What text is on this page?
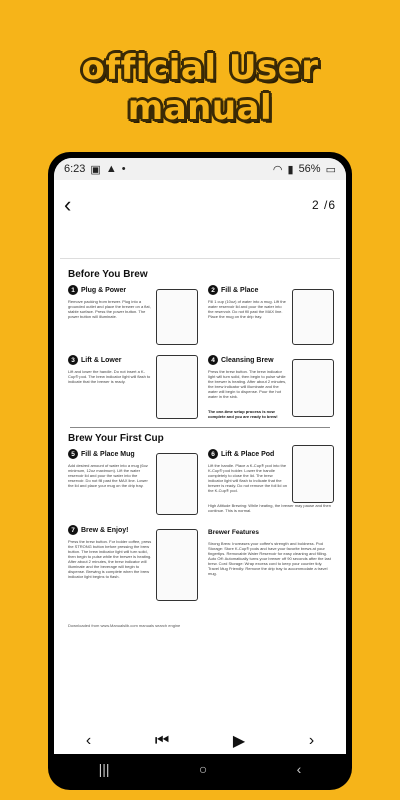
official User
manual
6:23 ▣ ▲ •	◠ ▮ 56% ▭
‹	2 /6
Before You Brew
1 Plug & Power
Remove packing from brewer. Plug into a grounded outlet and place the brewer on a flat, stable surface. Press the power button. The power button will illuminate.
2 Fill & Place
Fill 1 cup (10oz) of water into a mug. Lift the water reservoir lid and pour the water into the reservoir. Do not fill past the MAX line. Place the mug on the drip tray.
3 Lift & Lower
Lift and lower the handle. Do not insert a K-Cup® pod. The brew indicator light will flash to indicate that the brewer is ready.
4 Cleansing Brew
Press the brew button. The brew indicator light will turn solid, then begin to pulse while the brewer is heating. After about 2 minutes, the brew indicator will illuminate and the water will begin to dispense. Pour the hot water in the sink.
The one-time setup process is now complete and you are ready to brew!
Brew Your First Cup
5 Fill & Place Mug
Add desired amount of water into a mug (6oz minimum, 12oz maximum). Lift the water reservoir lid and pour the water into the reservoir. Do not fill past the MAX line. Lower the lid and place your mug on the drip tray.
6 Lift & Place Pod
Lift the handle. Place a K-Cup® pod into the K-Cup® pod holder. Lower the handle completely to close the lid. The brew indicator light will flash to indicate that the brewer is ready. Do not remove the foil lid on the K-Cup® pod.
High Altitude Brewing: While heating, the brewer may pause and then continue. This is normal.
7 Brew & Enjoy!
Press the brew button. For bolder coffee, press the STRONG button before pressing the brew button. The brew indicator light will turn solid, then begin to pulse while the brewer is heating. After about 2 minutes, the brew indicator will illuminate and the beverage will begin to dispense. Brewing is complete when the brew indicator light begins to flash.
Brewer Features
Strong Brew: Increases your coffee's strength and boldness. Pod Storage: Store K-Cup® pods and have your favorite brews at your fingertips. Removable Water Reservoir for easy cleaning and filling. Auto Off: Automatically turns your brewer off 90 seconds after the last brew. Cord Storage: Wrap excess cord to keep your counter tidy. Travel Mug Friendly: Remove the drip tray to accommodate a travel mug.
Downloaded from www.Manualslib.com manuals search engine
‹	⏮	▶	›
|||	○	‹
